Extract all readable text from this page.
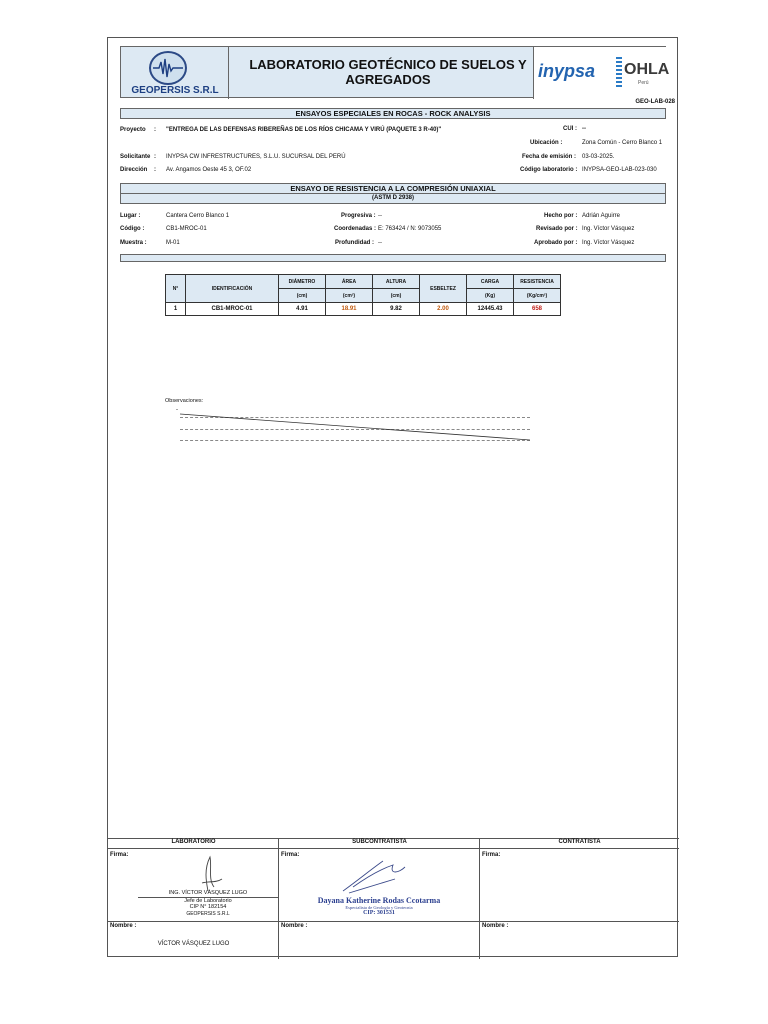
GEOPERSIS S.R.L
LABORATORIO GEOTÉCNICO DE SUELOS Y AGREGADOS	inypsa OHLA
Perú
GEO-LAB-028
ENSAYOS ESPECIALES EN ROCAS - ROCK ANALYSIS
Proyecto : "ENTREGA DE LAS DEFENSAS RIBEREÑAS DE LOS RÍOS CHICAMA Y VIRÚ (PAQUETE 3 R-40)"	CUI : --
Ubicación :	Zona Común - Cerro Blanco 1
Solicitante : INYPSA CW INFRESTRUCTURES, S.L.U. SUCURSAL DEL PERÚ	Fecha de emisión : 03-03-2025.
Dirección : Av. Angamos Oeste 45 3, OF.02	Código laboratorio : INYPSA-GEO-LAB-023-030
ENSAYO DE RESISTENCIA A LA COMPRESIÓN UNIAXIAL
(ASTM D 2938)
Lugar :	Cantera Cerro Blanco 1	Progresiva : --	Hecho por : Adrián Aguirre
Código :	CB1-MROC-01	Coordenadas : E: 763424 / N: 9073055	Revisado por : Ing. Víctor Vásquez
Muestra :	M-01	Profundidad : --	Aprobado por : Ing. Víctor Vásquez
N°	IDENTIFICACIÓN	DIÁMETRO	ÁREA	ALTURA	ESBELTEZ	CARGA	RESISTENCIA
		(cm)	(cm²)	(cm)		(Kg)	(Kg/cm²)
1	CB1-MROC-01	4.91	18.91	9.82	2.00	12445.43	658
Observaciones:
-
LABORATORIO	SUBCONTRATISTA	CONTRATISTA
Firma:	Firma:	Firma:
ING. VÍCTOR VÁSQUEZ LUGO
Jefe de Laboratorio
CIP N° 182154
GEOPERSIS S.R.L
Dayana Katherine Rodas Ccotarma
Especialista de Geología y Geotecnia
CIP: 301531
Nombre :	Nombre :	Nombre :
VÍCTOR VÁSQUEZ LUGO
